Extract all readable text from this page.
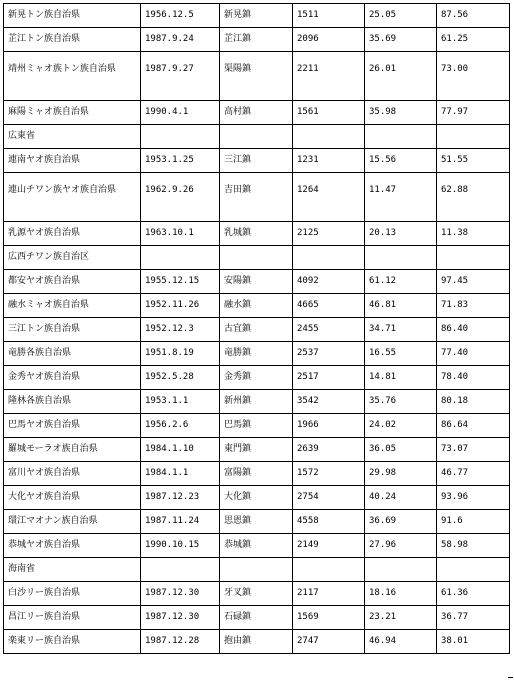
新晃トン族自治県	1956.12.5	新晃鎮	1511	25.05	87.56
芷江トン族自治県	1987.9.24	芷江鎮	2096	35.69	61.25
靖州ミャオ族トン族自治県	1987.9.27	渠陽鎮	2211	26.01	73.00
麻陽ミャオ族自治県	1990.4.1	高村鎮	1561	35.98	77.97
広東省					
連南ヤオ族自治県	1953.1.25	三江鎮	1231	15.56	51.55
連山チワン族ヤオ族自治県	1962.9.26	吉田鎮	1264	11.47	62.88
乳源ヤオ族自治県	1963.10.1	乳城鎮	2125	20.13	11.38
広西チワン族自治区					
都安ヤオ族自治県	1955.12.15	安陽鎮	4092	61.12	97.45
融水ミャオ族自治県	1952.11.26	融水鎮	4665	46.81	71.83
三江トン族自治県	1952.12.3	古宜鎮	2455	34.71	86.40
竜勝各族自治県	1951.8.19	竜勝鎮	2537	16.55	77.40
金秀ヤオ族自治県	1952.5.28	金秀鎮	2517	14.81	78.40
隆林各族自治県	1953.1.1	新州鎮	3542	35.76	80.18
巴馬ヤオ族自治県	1956.2.6	巴馬鎮	1966	24.02	86.64
羅城モーラオ族自治県	1984.1.10	東門鎮	2639	36.05	73.07
富川ヤオ族自治県	1984.1.1	富陽鎮	1572	29.98	46.77
大化ヤオ族自治県	1987.12.23	大化鎮	2754	40.24	93.96
環江マオナン族自治県	1987.11.24	思恩鎮	4558	36.69	91.6
恭城ヤオ族自治県	1990.10.15	恭城鎮	2149	27.96	58.98
海南省					
白沙リー族自治県	1987.12.30	牙叉鎮	2117	18.16	61.36
昌江リー族自治県	1987.12.30	石碌鎮	1569	23.21	36.77
楽東リー族自治県	1987.12.28	抱由鎮	2747	46.94	38.01
